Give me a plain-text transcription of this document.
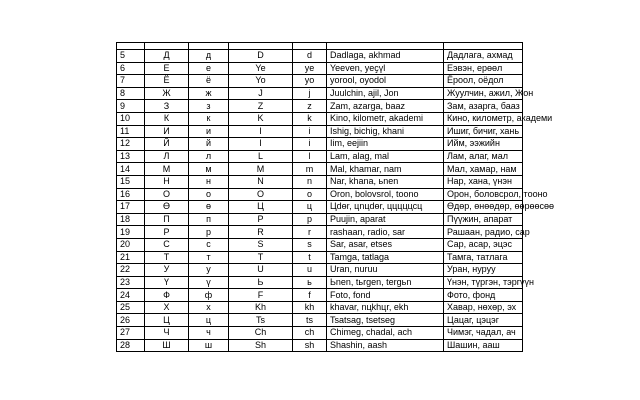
5	Д	д	D	d	Dadlaga, akhmad	Дадлага, ахмад
6	Е	е	Ye	ye	Yeeven, yeҫүl	Еэвэн, ерөөл
7	Ё	ё	Yo	yo	yorool, oyodol	Ёроол, оёдол
8	Ж	ж	J	j	Juulchin, ajil, Jon	Жуулчин, ажил, Жон
9	З	з	Z	z	Zam, azarga, baaz	Зам, азарга, бааз
10	К	к	K	k	Kino, kilometr, akademi	Кино, километр, академи
11	И	и	I	i	Ishig, bichig, khani	Ишиг, бичиг, хань
12	Й	й	I	i	Iim, eejiin	Ийм, ээжийн
13	Л	л	L	l	Lam, alag, mal	Лам, алаг, мал
14	М	м	M	m	Mal, khamar, nam	Мал, хамар, нам
15	Н	н	N	n	Nar, khana, ьnen	Нар, хана, үнэн
16	О	о	O	o	Oron, bolovsrol, toono	Орон, боловсрол, тооно
17	Ө	ө	Ц	ц	Цdөr, цnцdөr, цццццсц	Өдөр, өнөөдөр, өөрөөсөө
18	П	п	P	p	Puujin, aparat	Пүүжин, апарат
19	Р	р	R	r	rashaan, radio, sar	Рашаан, радио, сар
20	С	с	S	s	Sar, asar, etses	Сар, асар, эцэс
21	Т	т	T	t	Tamga, tatlaga	Тамга, татлага
22	У	у	U	u	Uran, nuruu	Уран, нуруу
23	Ү	ү	Ь	ь	Ьnen, tьrgen, tergьn	Үнэн, түргэн, тэргүүн
24	Ф	ф	F	f	Foto, fond	Фото, фонд
25	Х	х	Kh	kh	khavar, nцkhцr, ekh	Хавар, нөхөр, эх
26	Ц	ц	Ts	ts	Tsatsag, tsetseg	Цацаг, цэцэг
27	Ч	ч	Ch	ch	Chimeg, chadal, ach	Чимэг, чадал, ач
28	Ш	ш	Sh	sh	Shashin, aash	Шашин, ааш
